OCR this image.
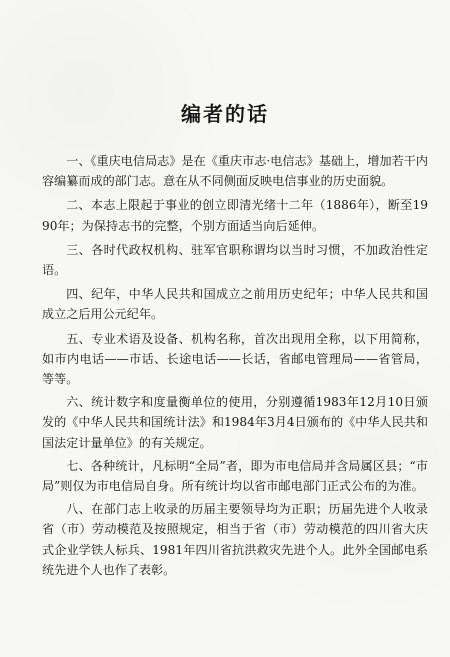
编者的话

一、《重庆电信局志》是在《重庆市志·电信志》基础上，增加若干内容编纂而成的部门志。意在从不同侧面反映电信事业的历史面貌。

二、本志上限起于事业的创立即清光绪十二年（1886年），断至1990年；为保持志书的完整，个别方面适当向后延伸。

三、各时代政权机构、驻军官职称谓均以当时习惯，不加政治性定语。

四、纪年，中华人民共和国成立之前用历史纪年；中华人民共和国成立之后用公元纪年。

五、专业术语及设备、机构名称，首次出现用全称，以下用简称，如市内电话——市话、长途电话——长话，省邮电管理局——省管局，等等。

六、统计数字和度量衡单位的使用，分别遵循1983年12月10日颁发的《中华人民共和国统计法》和1984年3月4日颁布的《中华人民共和国法定计量单位》的有关规定。

七、各种统计，凡标明“全局”者，即为市电信局并含局属区县；“市局”则仅为市电信局自身。所有统计均以省市邮电部门正式公布的为准。

八、在部门志上收录的历届主要领导均为正职；历届先进个人收录省（市）劳动模范及按照规定，相当于省（市）劳动模范的四川省大庆式企业学铁人标兵、1981年四川省抗洪救灾先进个人。此外全国邮电系统先进个人也作了表彰。
